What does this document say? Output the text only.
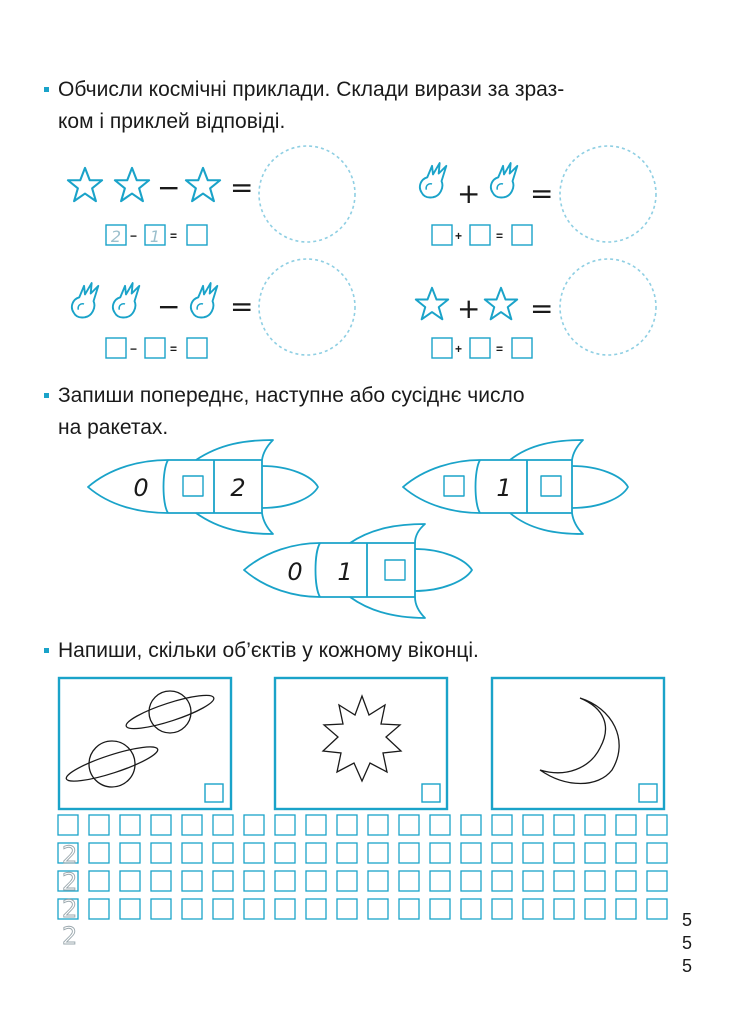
Обчисли космічні приклади. Склади вирази за зраз-
ком і приклей відповіді.
− =
2 − 1 =
+ =
+	=
− =
−	=
+ =
+	=
Запиши попереднє, наступне або сусіднє число
на ракетах.
0	2	1
0 1
Напиши, скільки об’єктів у кожному віконці.
2
2
2
2
5
5
5
